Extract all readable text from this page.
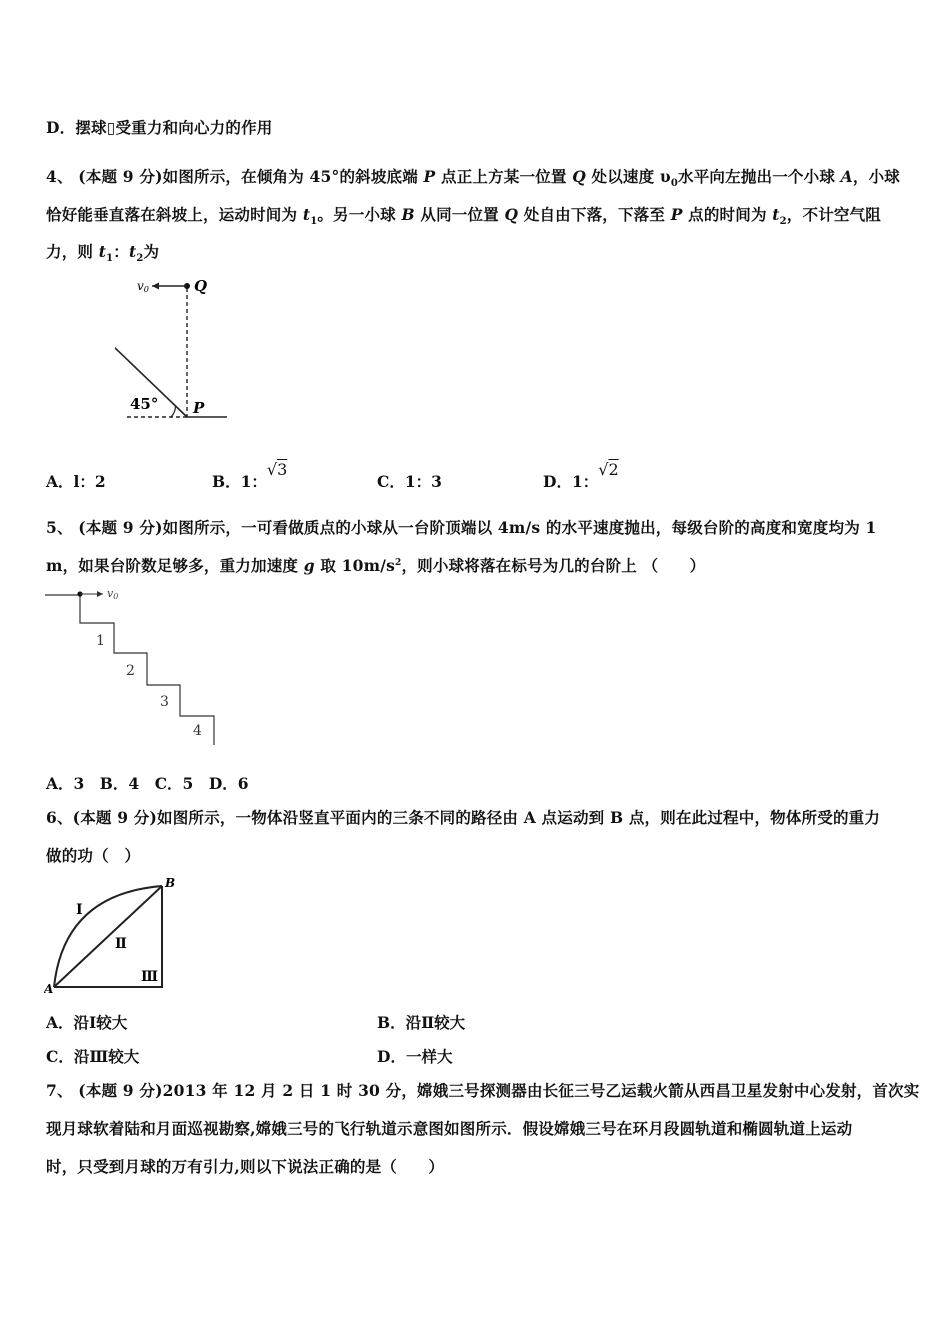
D．摆球▯受重力和向心力的作用
4、 (本题 9 分)如图所示，在倾角为 45°的斜坡底端 P 点正上方某一位置 Q 处以速度 $\upsilon_0$水平向左抛出一个小球 A，小球
恰好能垂直落在斜坡上，运动时间为 $t_1$。另一小球 B 从同一位置 Q 处自由下落，下落至 P 点的时间为 $t_2$，不计空气阻
力，则 $t_1$：$t_2$为
v0	Q
45° P
A．l：2	B．1：√3
C．1：3	D．1：√2
5、 (本题 9 分)如图所示，一可看做质点的小球从一台阶顶端以 4m/s 的水平速度抛出，每级台阶的高度和宽度均为 1
m，如果台阶数足够多，重力加速度 g 取 $10m/s^2$，则小球将落在标号为几的台阶上 （　　）
v0
1
2
3
4
A．3　B．4　C．5　D．6
6、(本题 9 分)如图所示，一物体沿竖直平面内的三条不同的路径由 A 点运动到 B 点，则在此过程中，物体所受的重力
做的功（　）
A
B
Ⅰ
Ⅱ
Ⅲ
A．沿Ⅰ较大	B．沿Ⅱ较大
C．沿Ⅲ较大	D．一样大
7、 (本题 9 分)2013 年 12 月 2 日 1 时 30 分，嫦娥三号探测器由长征三号乙运载火箭从西昌卫星发射中心发射，首次实
现月球软着陆和月面巡视勘察,嫦娥三号的飞行轨道示意图如图所示．假设嫦娥三号在环月段圆轨道和椭圆轨道上运动
时，只受到月球的万有引力,则以下说法正确的是（　　）
